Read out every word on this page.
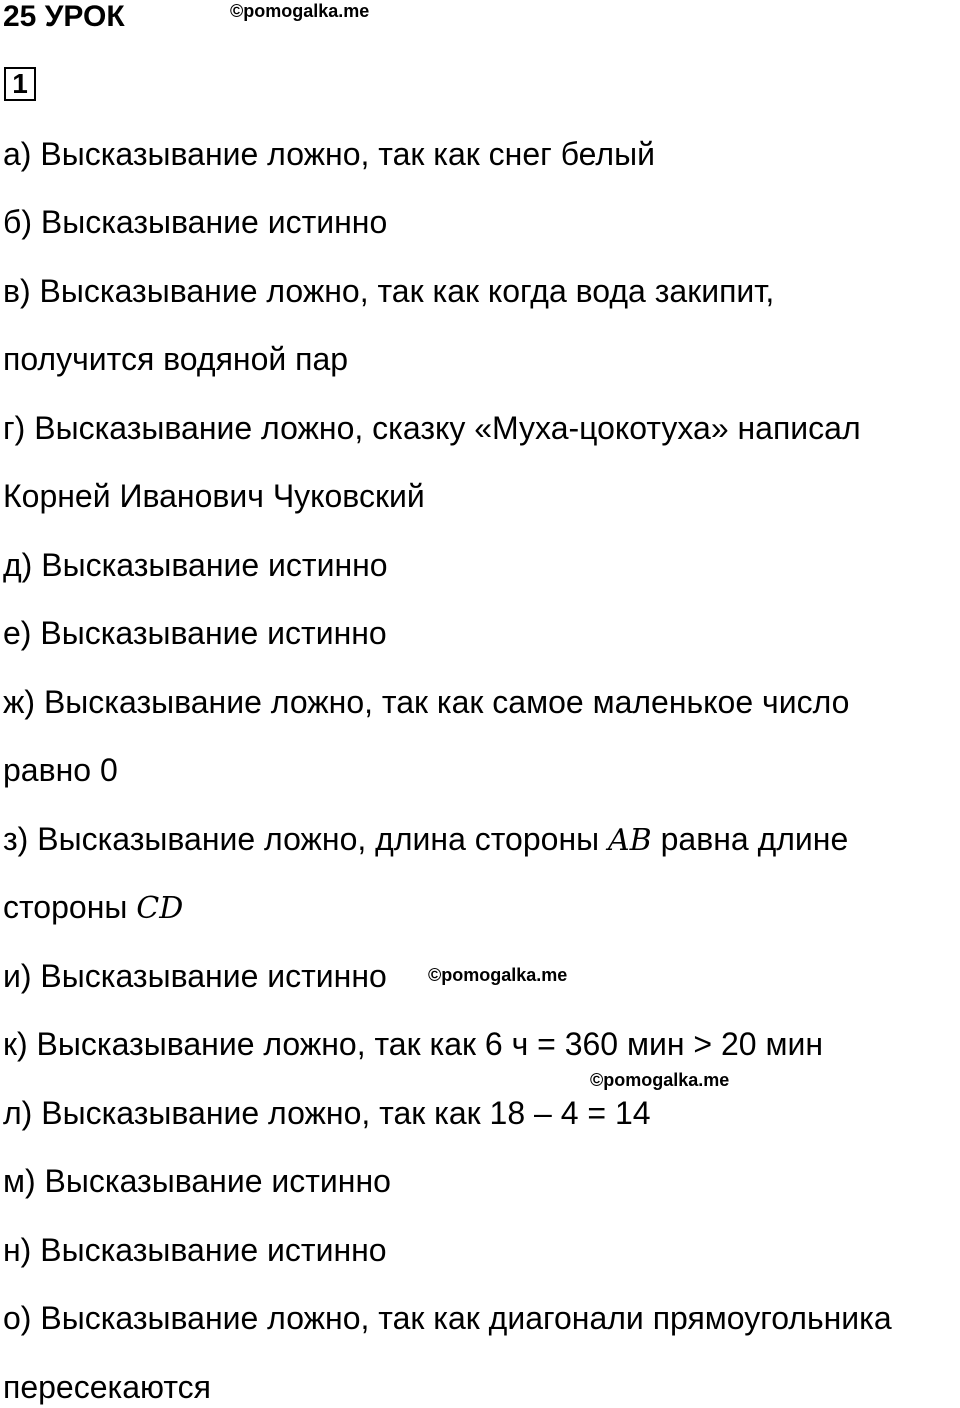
25 УРОК	©pomogalka.me
1
а) Высказывание ложно, так как снег белый
б) Высказывание истинно
в) Высказывание ложно, так как когда вода закипит,
получится водяной пар
г) Высказывание ложно, сказку «Муха-цокотуха» написал
Корней Иванович Чуковский
д) Высказывание истинно
е) Высказывание истинно
ж) Высказывание ложно, так как самое маленькое число
равно 0
з) Высказывание ложно, длина стороны AB равна длине
стороны CD
и) Высказывание истинно ©pomogalka.me
к) Высказывание ложно, так как 6 ч = 360 мин > 20 мин
©pomogalka.me
л) Высказывание ложно, так как 18 – 4 = 14
м) Высказывание истинно
н) Высказывание истинно
о) Высказывание ложно, так как диагонали прямоугольника
пересекаются
